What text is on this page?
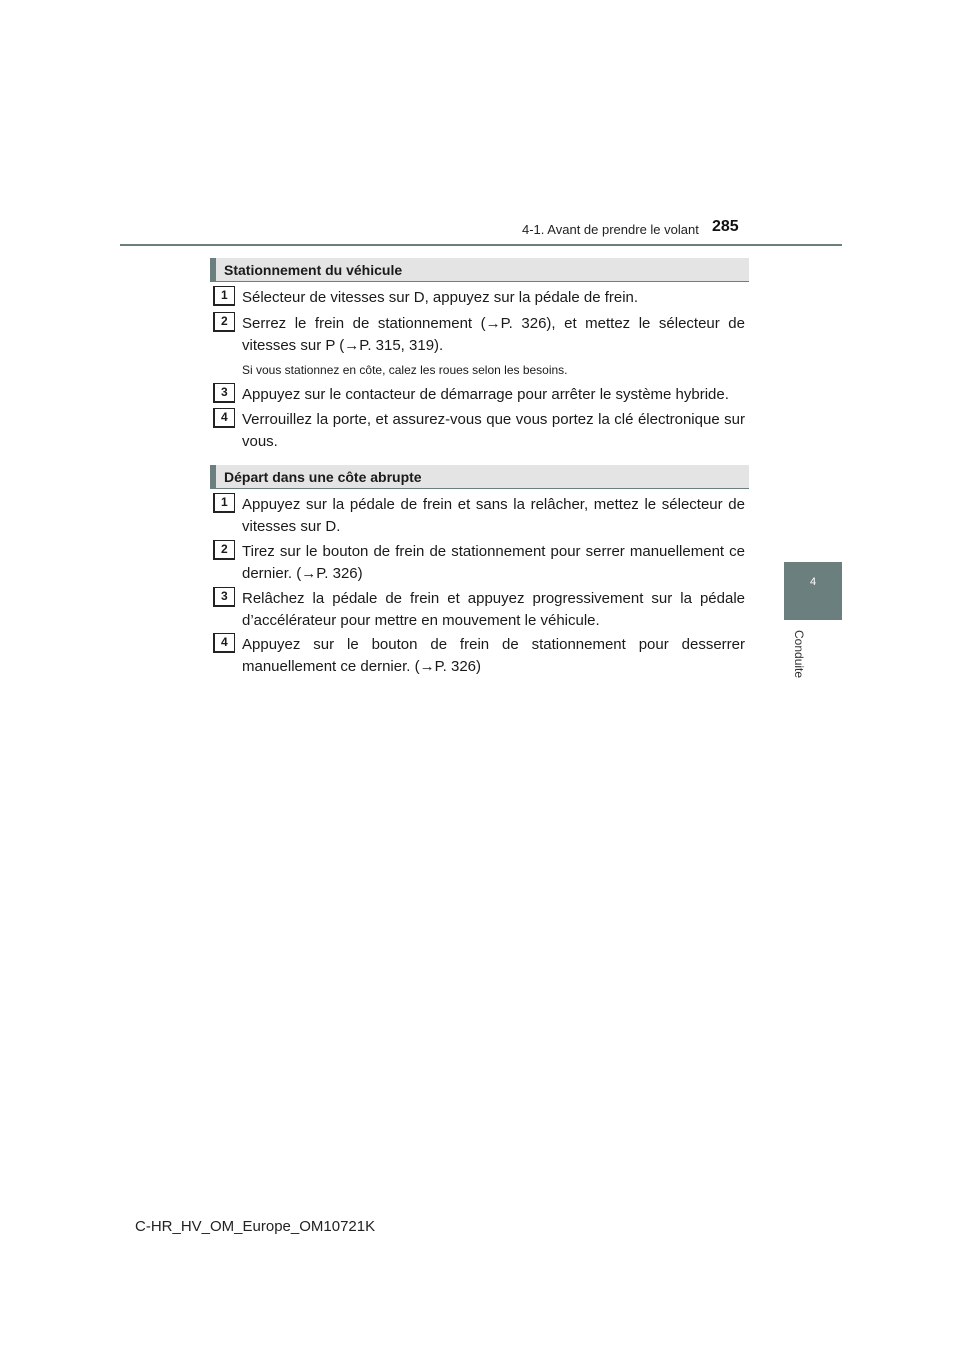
4-1. Avant de prendre le volant 285
4
Conduite
Stationnement du véhicule
1 Sélecteur de vitesses sur D, appuyez sur la pédale de frein.
2 Serrez le frein de stationnement (→P. 326), et mettez le sélecteur de vitesses sur P (→P. 315, 319).
Si vous stationnez en côte, calez les roues selon les besoins.
3 Appuyez sur le contacteur de démarrage pour arrêter le système hybride.
4 Verrouillez la porte, et assurez-vous que vous portez la clé électronique sur vous.
Départ dans une côte abrupte
1 Appuyez sur la pédale de frein et sans la relâcher, mettez le sélecteur de vitesses sur D.
2 Tirez sur le bouton de frein de stationnement pour serrer manuellement ce dernier. (→P. 326)
3 Relâchez la pédale de frein et appuyez progressivement sur la pédale d’accélérateur pour mettre en mouvement le véhicule.
4 Appuyez sur le bouton de frein de stationnement pour desserrer manuellement ce dernier. (→P. 326)
C-HR_HV_OM_Europe_OM10721K
